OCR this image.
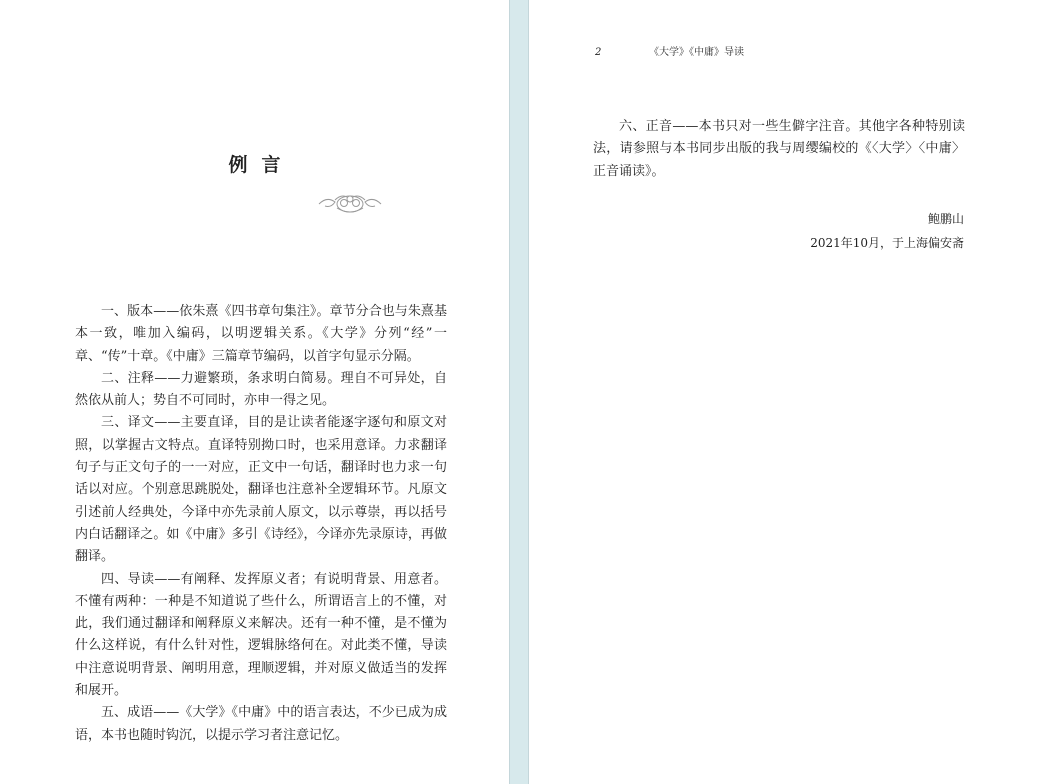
例言

一、版本——依朱熹《四书章句集注》。章节分合也与朱熹基本一致，唯加入编码，以明逻辑关系。《大学》分列“经”一章、“传”十章。《中庸》三篇章节编码，以首字句显示分隔。

二、注释——力避繁琐，条求明白简易。理自不可异处，自然依从前人；势自不可同时，亦申一得之见。

三、译文——主要直译，目的是让读者能逐字逐句和原文对照，以掌握古文特点。直译特别拗口时，也采用意译。力求翻译句子与正文句子的一一对应，正文中一句话，翻译时也力求一句话以对应。个别意思跳脱处，翻译也注意补全逻辑环节。凡原文引述前人经典处，今译中亦先录前人原文，以示尊崇，再以括号内白话翻译之。如《中庸》多引《诗经》，今译亦先录原诗，再做翻译。

四、导读——有阐释、发挥原义者；有说明背景、用意者。不懂有两种：一种是不知道说了些什么，所谓语言上的不懂，对此，我们通过翻译和阐释原义来解决。还有一种不懂，是不懂为什么这样说，有什么针对性，逻辑脉络何在。对此类不懂，导读中注意说明背景、阐明用意，理顺逻辑，并对原义做适当的发挥和展开。

五、成语——《大学》《中庸》中的语言表达，不少已成为成语，本书也随时钩沉，以提示学习者注意记忆。

2	《大学》《中庸》导读

六、正音——本书只对一些生僻字注音。其他字各种特别读法，请参照与本书同步出版的我与周缨编校的《〈大学〉〈中庸〉正音诵读》。

鲍鹏山
2021年10月，于上海偏安斋
